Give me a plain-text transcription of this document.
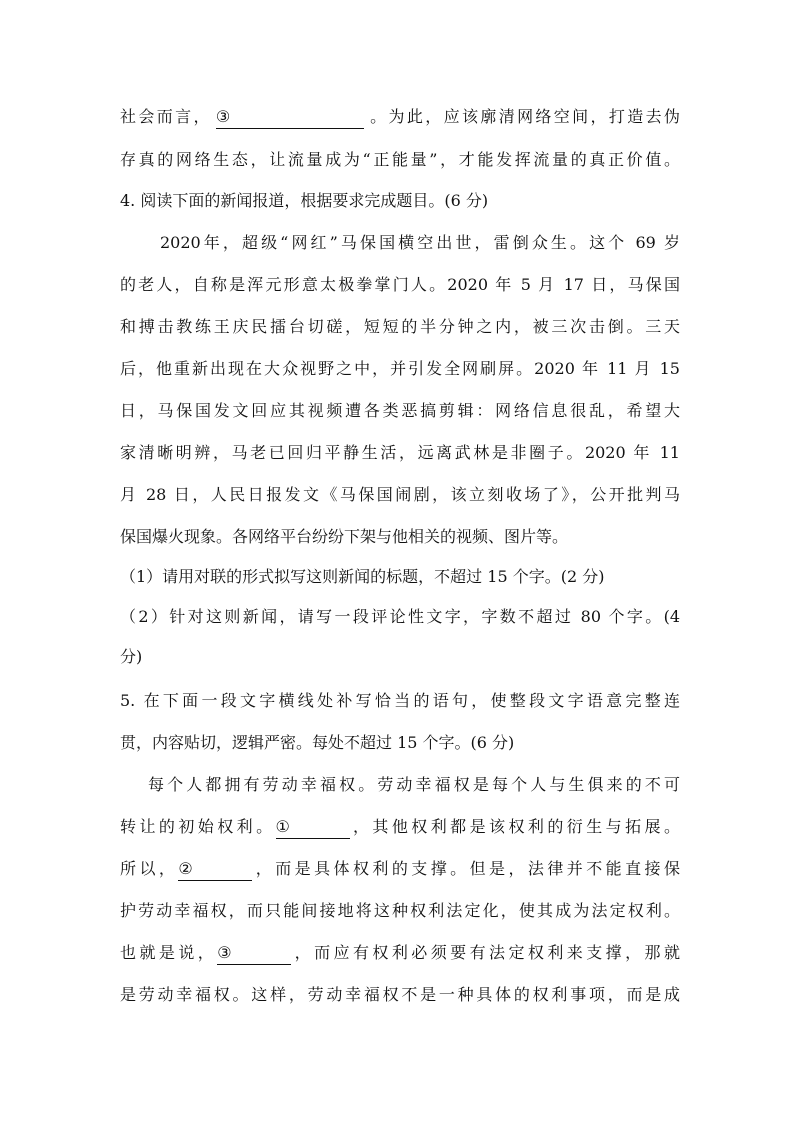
社会而言， ③	。为此，应该廓清网络空间，打造去伪
存真的网络生态，让流量成为“正能量”，才能发挥流量的真正价值。
4. 阅读下面的新闻报道，根据要求完成题目。(6 分)
2020年，超级“网红”马保国横空出世，雷倒众生。这个 69 岁
的老人，自称是浑元形意太极拳掌门人。2020 年 5 月 17 日，马保国
和搏击教练王庆民擂台切磋，短短的半分钟之内，被三次击倒。三天
后，他重新出现在大众视野之中，并引发全网刷屏。2020 年 11 月 15
日，马保国发文回应其视频遭各类恶搞剪辑：网络信息很乱，希望大
家清晰明辨，马老已回归平静生活，远离武林是非圈子。2020 年 11
月 28 日，人民日报发文《马保国闹剧，该立刻收场了》，公开批判马
保国爆火现象。各网络平台纷纷下架与他相关的视频、图片等。
（1）请用对联的形式拟写这则新闻的标题，不超过 15 个字。(2 分)
（2）针对这则新闻，请写一段评论性文字，字数不超过 80 个字。(4
分)
5. 在下面一段文字横线处补写恰当的语句，使整段文字语意完整连
贯，内容贴切，逻辑严密。每处不超过 15 个字。(6 分)
每个人都拥有劳动幸福权。劳动幸福权是每个人与生俱来的不可
转让的初始权利。①	，其他权利都是该权利的衍生与拓展。
所以，②	，而是具体权利的支撑。但是，法律并不能直接保
护劳动幸福权，而只能间接地将这种权利法定化，使其成为法定权利。
也就是说，③	，而应有权利必须要有法定权利来支撑，那就
是劳动幸福权。这样，劳动幸福权不是一种具体的权利事项，而是成
